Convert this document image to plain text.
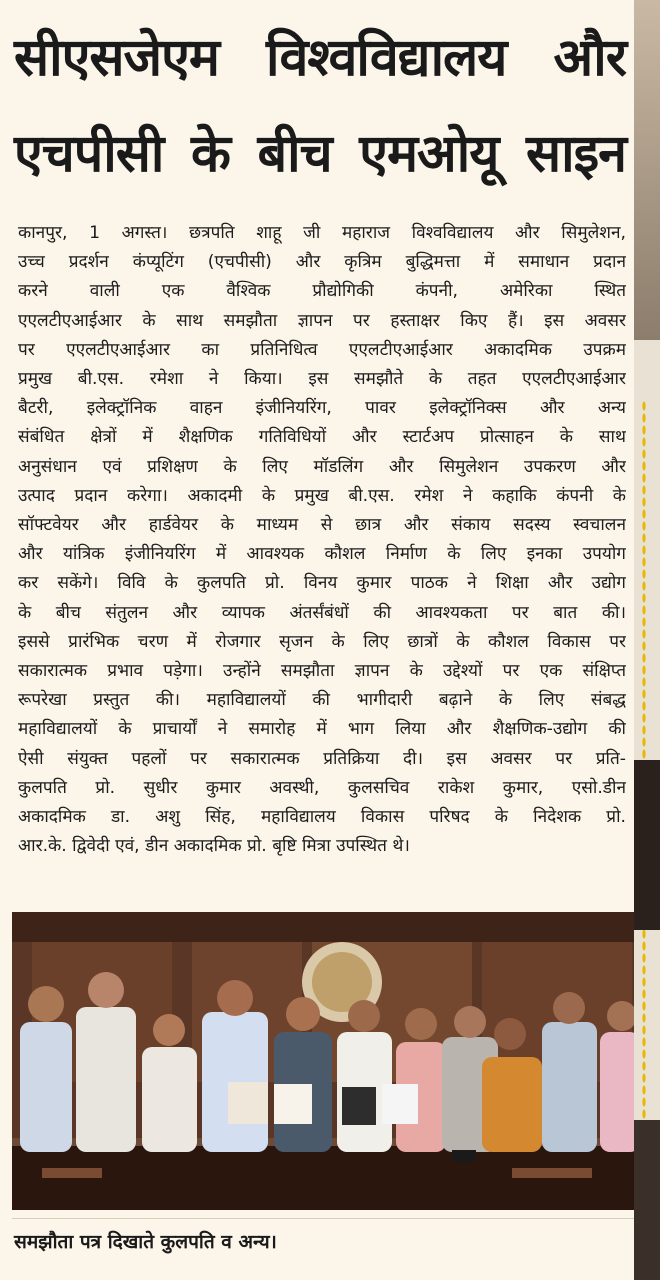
सीएसजेएम विश्वविद्यालय और
एचपीसी के बीच एमओयू साइन
कानपुर, 1 अगस्त। छत्रपति शाहू जी महाराज विश्वविद्यालय और सिमुलेशन,
उच्च प्रदर्शन कंप्यूटिंग (एचपीसी) और कृत्रिम बुद्धिमत्ता में समाधान प्रदान
करने वाली एक वैश्विक प्रौद्योगिकी कंपनी, अमेरिका स्थित
एएलटीएआईआर के साथ समझौता ज्ञापन पर हस्ताक्षर किए हैं। इस अवसर
पर एएलटीएआईआर का प्रतिनिधित्व एएलटीएआईआर अकादमिक उपक्रम
प्रमुख बी.एस. रमेशा ने किया। इस समझौते के तहत एएलटीएआईआर
बैटरी, इलेक्ट्रॉनिक वाहन इंजीनियरिंग, पावर इलेक्ट्रॉनिक्स और अन्य
संबंधित क्षेत्रों में शैक्षणिक गतिविधियों और स्टार्टअप प्रोत्साहन के साथ
अनुसंधान एवं प्रशिक्षण के लिए मॉडलिंग और सिमुलेशन उपकरण और
उत्पाद प्रदान करेगा। अकादमी के प्रमुख बी.एस. रमेश ने कहाकि कंपनी के
सॉफ्टवेयर और हार्डवेयर के माध्यम से छात्र और संकाय सदस्य स्वचालन
और यांत्रिक इंजीनियरिंग में आवश्यक कौशल निर्माण के लिए इनका उपयोग
कर सकेंगे। विवि के कुलपति प्रो. विनय कुमार पाठक ने शिक्षा और उद्योग
के बीच संतुलन और व्यापक अंतर्संबंधों की आवश्यकता पर बात की।
इससे प्रारंभिक चरण में रोजगार सृजन के लिए छात्रों के कौशल विकास पर
सकारात्मक प्रभाव पड़ेगा। उन्होंने समझौता ज्ञापन के उद्देश्यों पर एक संक्षिप्त
रूपरेखा प्रस्तुत की। महाविद्यालयों की भागीदारी बढ़ाने के लिए संबद्ध
महाविद्यालयों के प्राचार्यों ने समारोह में भाग लिया और शैक्षणिक-उद्योग की
ऐसी संयुक्त पहलों पर सकारात्मक प्रतिक्रिया दी। इस अवसर पर प्रति-
कुलपति प्रो. सुधीर कुमार अवस्थी, कुलसचिव राकेश कुमार, एसो.डीन
अकादमिक डा. अशु सिंह, महाविद्यालय विकास परिषद के निदेशक प्रो.
आर.के. द्विवेदी एवं, डीन अकादमिक प्रो. बृष्टि मित्रा उपस्थित थे।
समझौता पत्र दिखाते कुलपति व अन्य।
